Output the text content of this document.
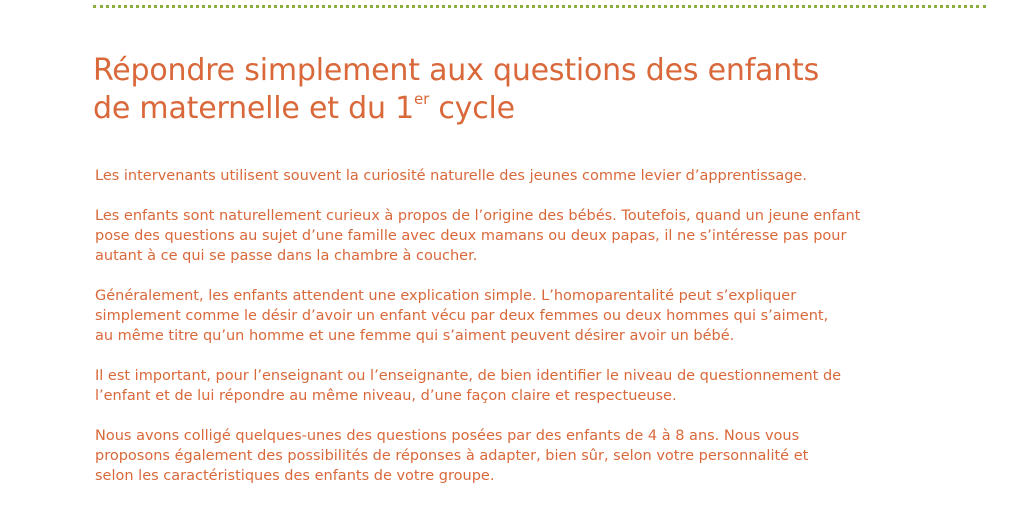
Répondre simplement aux questions des enfants
de maternelle et du 1er cycle

Les intervenants utilisent souvent la curiosité naturelle des jeunes comme levier d’apprentissage.

Les enfants sont naturellement curieux à propos de l’origine des bébés. Toutefois, quand un jeune enfant
pose des questions au sujet d’une famille avec deux mamans ou deux papas, il ne s’intéresse pas pour
autant à ce qui se passe dans la chambre à coucher.

Généralement, les enfants attendent une explication simple. L’homoparentalité peut s’expliquer
simplement comme le désir d’avoir un enfant vécu par deux femmes ou deux hommes qui s’aiment,
au même titre qu’un homme et une femme qui s’aiment peuvent désirer avoir un bébé.

Il est important, pour l’enseignant ou l’enseignante, de bien identifier le niveau de questionnement de
l’enfant et de lui répondre au même niveau, d’une façon claire et respectueuse.

Nous avons colligé quelques-unes des questions posées par des enfants de 4 à 8 ans. Nous vous
proposons également des possibilités de réponses à adapter, bien sûr, selon votre personnalité et
selon les caractéristiques des enfants de votre groupe.
